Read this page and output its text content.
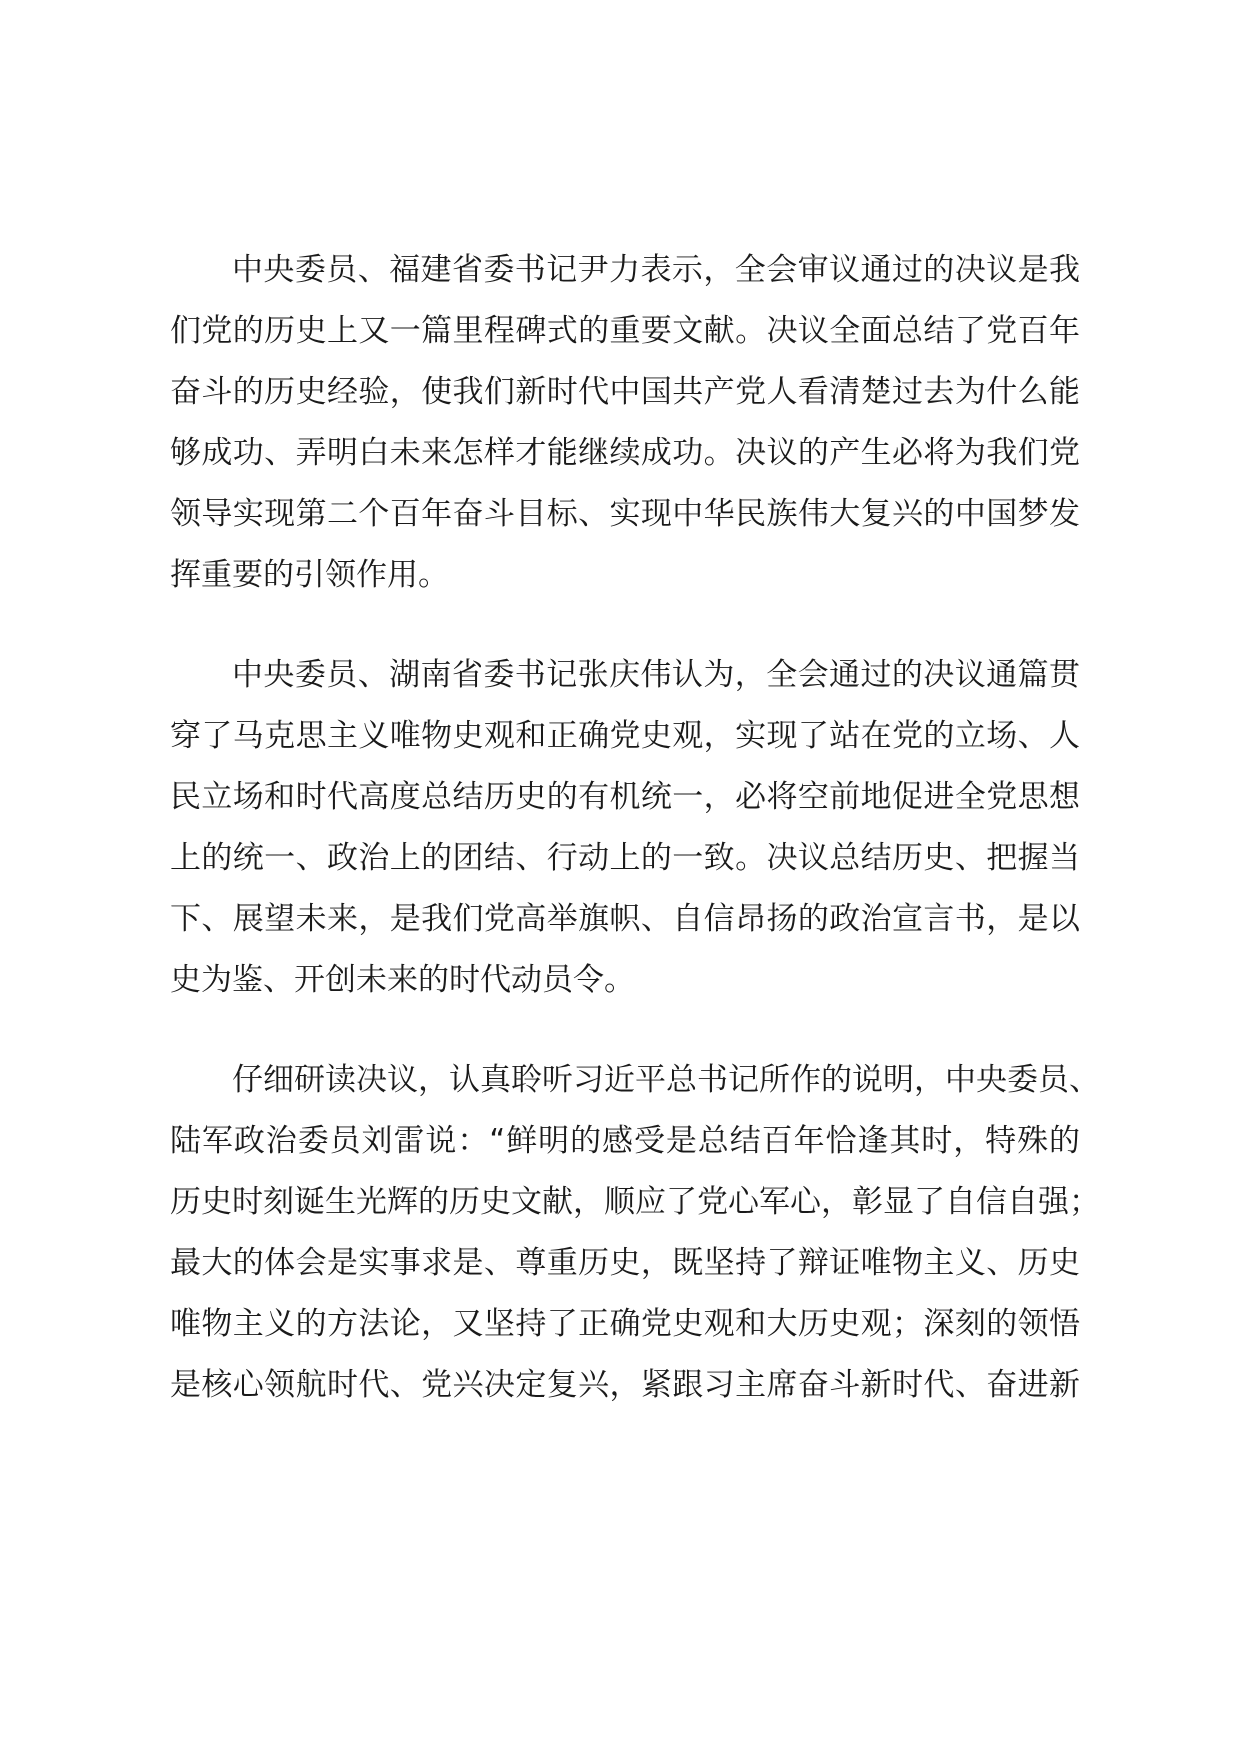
中央委员、福建省委书记尹力表示，全会审议通过的决议是我
们党的历史上又一篇里程碑式的重要文献。决议全面总结了党百年
奋斗的历史经验，使我们新时代中国共产党人看清楚过去为什么能
够成功、弄明白未来怎样才能继续成功。决议的产生必将为我们党
领导实现第二个百年奋斗目标、实现中华民族伟大复兴的中国梦发
挥重要的引领作用。

中央委员、湖南省委书记张庆伟认为，全会通过的决议通篇贯
穿了马克思主义唯物史观和正确党史观，实现了站在党的立场、人
民立场和时代高度总结历史的有机统一，必将空前地促进全党思想
上的统一、政治上的团结、行动上的一致。决议总结历史、把握当
下、展望未来，是我们党高举旗帜、自信昂扬的政治宣言书，是以
史为鉴、开创未来的时代动员令。

仔细研读决议，认真聆听习近平总书记所作的说明，中央委员、
陆军政治委员刘雷说：“鲜明的感受是总结百年恰逢其时，特殊的
历史时刻诞生光辉的历史文献，顺应了党心军心，彰显了自信自强；
最大的体会是实事求是、尊重历史，既坚持了辩证唯物主义、历史
唯物主义的方法论，又坚持了正确党史观和大历史观；深刻的领悟
是核心领航时代、党兴决定复兴，紧跟习主席奋斗新时代、奋进新
